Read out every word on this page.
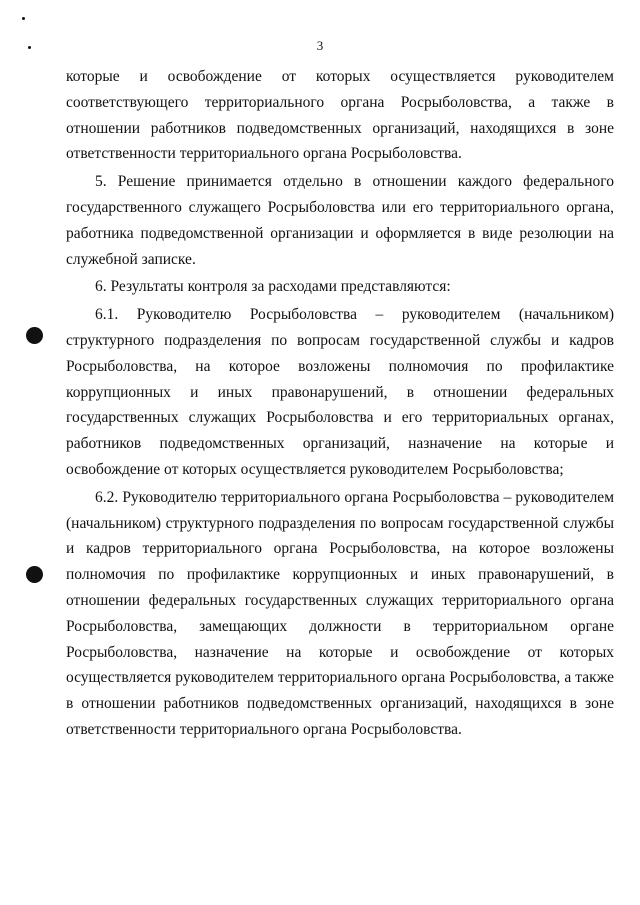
3

которые и освобождение от которых осуществляется руководителем соответствующего территориального органа Росрыболовства, а также в отношении работников подведомственных организаций, находящихся в зоне ответственности территориального органа Росрыболовства.

5. Решение принимается отдельно в отношении каждого федерального государственного служащего Росрыболовства или его территориального органа, работника подведомственной организации и оформляется в виде резолюции на служебной записке.

6. Результаты контроля за расходами представляются:

6.1. Руководителю Росрыболовства – руководителем (начальником) структурного подразделения по вопросам государственной службы и кадров Росрыболовства, на которое возложены полномочия по профилактике коррупционных и иных правонарушений, в отношении федеральных государственных служащих Росрыболовства и его территориальных органах, работников подведомственных организаций, назначение на которые и освобождение от которых осуществляется руководителем Росрыболовства;

6.2. Руководителю территориального органа Росрыболовства – руководителем (начальником) структурного подразделения по вопросам государственной службы и кадров территориального органа Росрыболовства, на которое возложены полномочия по профилактике коррупционных и иных правонарушений, в отношении федеральных государственных служащих территориального органа Росрыболовства, замещающих должности в территориальном органе Росрыболовства, назначение на которые и освобождение от которых осуществляется руководителем территориального органа Росрыболовства, а также в отношении работников подведомственных организаций, находящихся в зоне ответственности территориального органа Росрыболовства.
